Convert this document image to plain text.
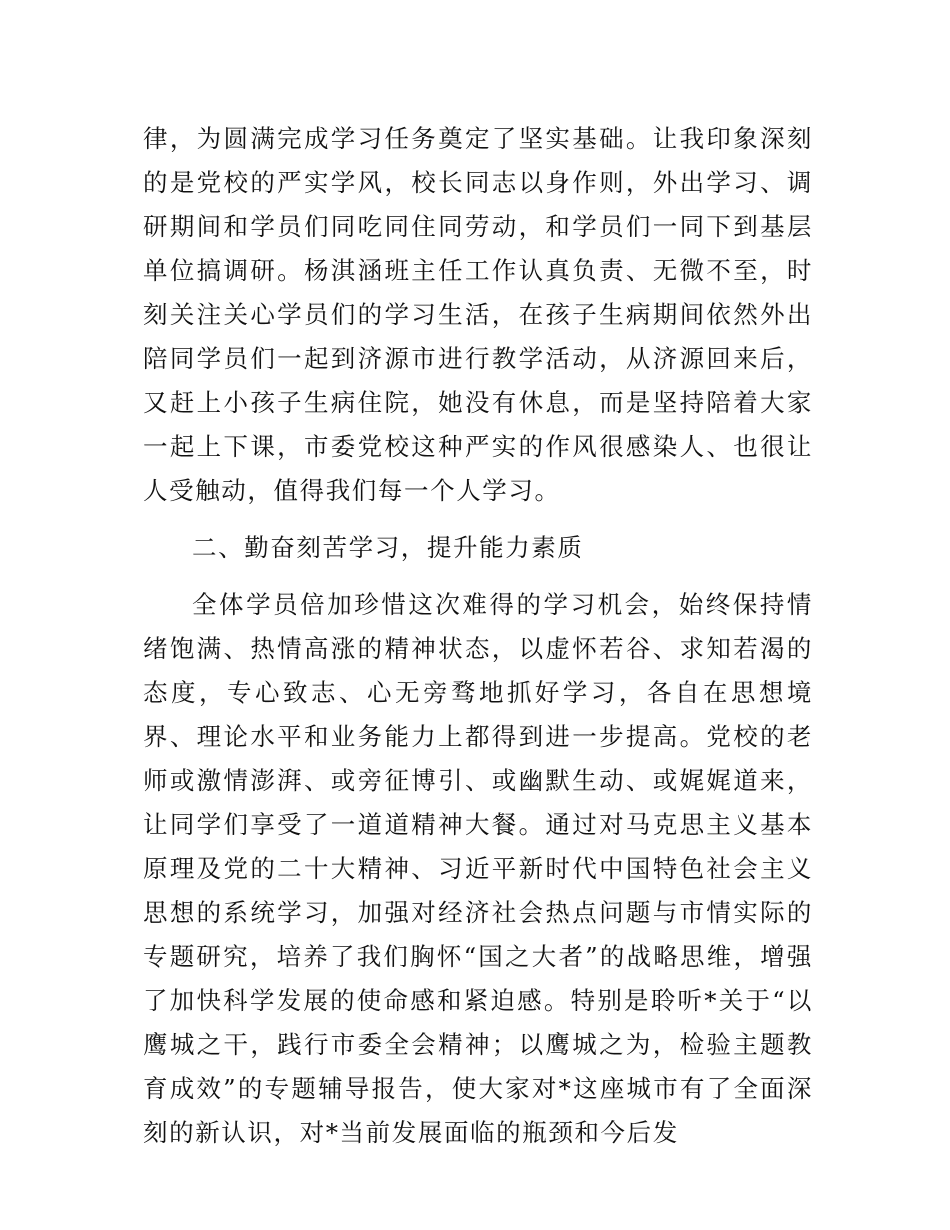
律，为圆满完成学习任务奠定了坚实基础。让我印象深刻的是党校的严实学风，校长同志以身作则，外出学习、调研期间和学员们同吃同住同劳动，和学员们一同下到基层单位搞调研。杨淇涵班主任工作认真负责、无微不至，时刻关注关心学员们的学习生活，在孩子生病期间依然外出陪同学员们一起到济源市进行教学活动，从济源回来后，又赶上小孩子生病住院，她没有休息，而是坚持陪着大家一起上下课，市委党校这种严实的作风很感染人、也很让人受触动，值得我们每一个人学习。

二、勤奋刻苦学习，提升能力素质

全体学员倍加珍惜这次难得的学习机会，始终保持情绪饱满、热情高涨的精神状态，以虚怀若谷、求知若渴的态度，专心致志、心无旁骛地抓好学习，各自在思想境界、理论水平和业务能力上都得到进一步提高。党校的老师或激情澎湃、或旁征博引、或幽默生动、或娓娓道来，让同学们享受了一道道精神大餐。通过对马克思主义基本原理及党的二十大精神、习近平新时代中国特色社会主义思想的系统学习，加强对经济社会热点问题与市情实际的专题研究，培养了我们胸怀“国之大者”的战略思维，增强了加快科学发展的使命感和紧迫感。特别是聆听*关于“以鹰城之干，践行市委全会精神；以鹰城之为，检验主题教育成效”的专题辅导报告，使大家对*这座城市有了全面深刻的新认识，对*当前发展面临的瓶颈和今后发
